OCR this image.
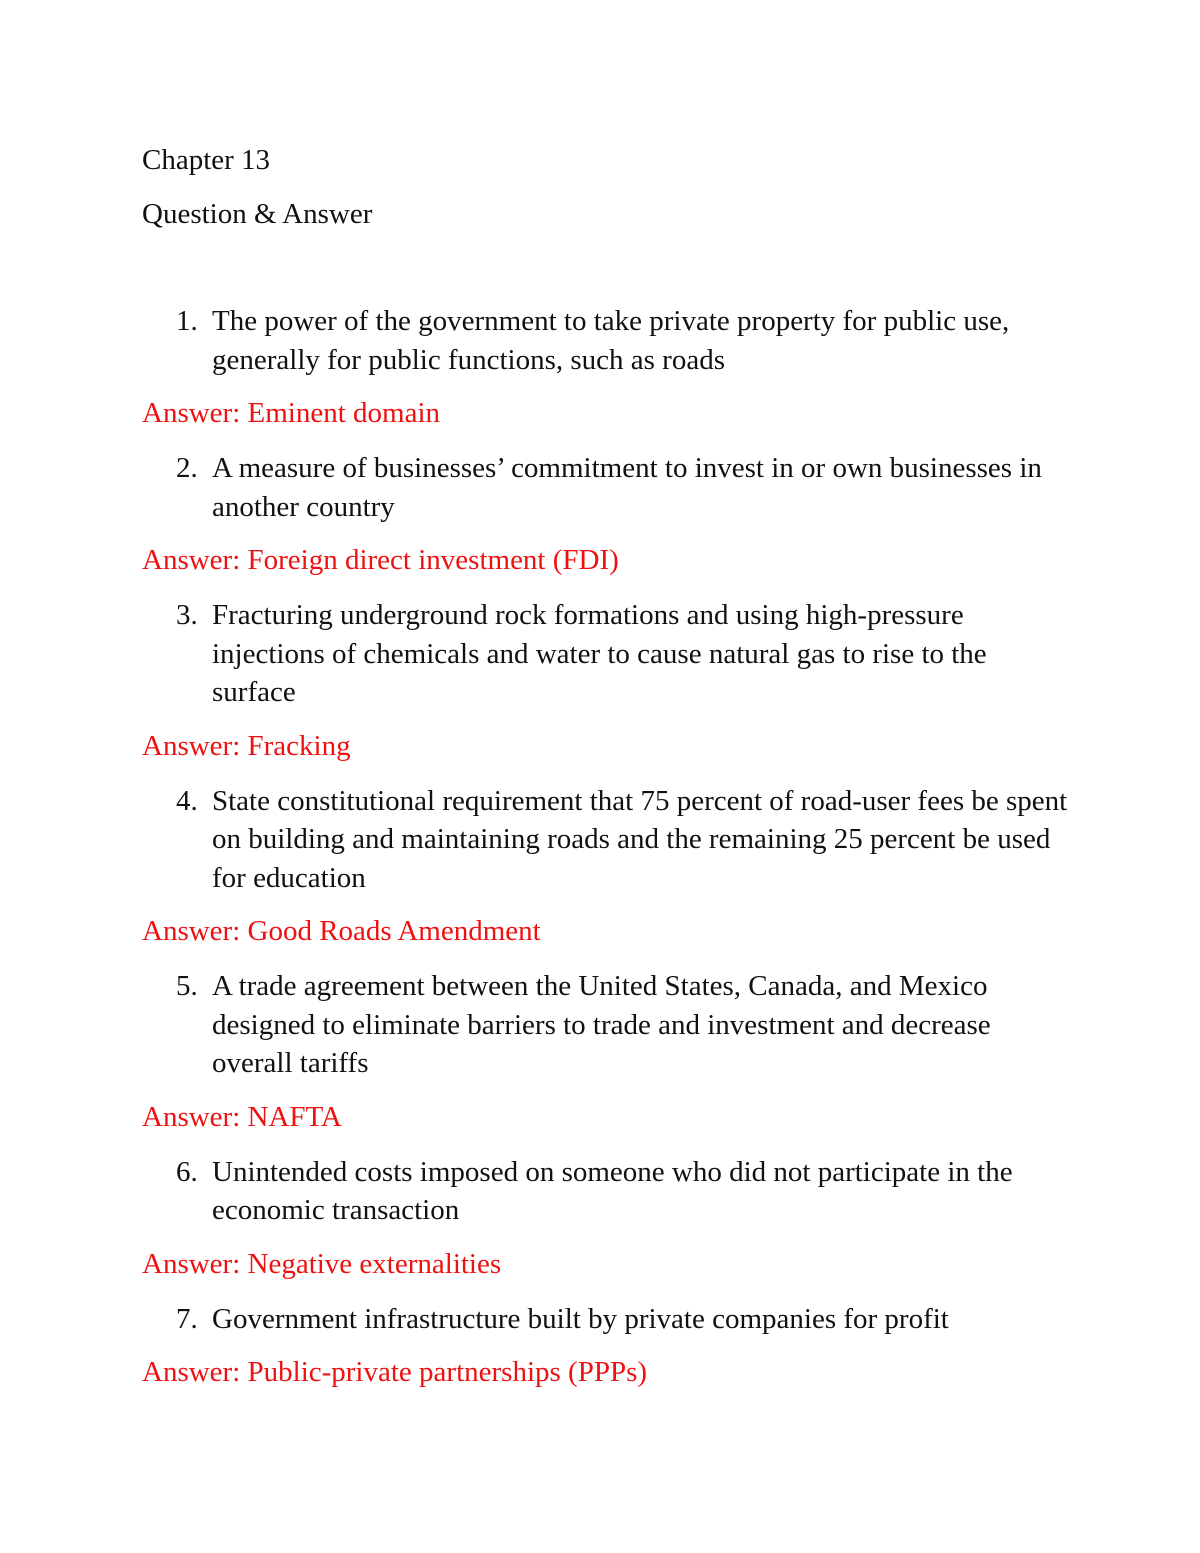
Chapter 13
Question & Answer
1. The power of the government to take private property for public use, generally for public functions, such as roads
Answer: Eminent domain
2. A measure of businesses’ commitment to invest in or own businesses in another country
Answer: Foreign direct investment (FDI)
3. Fracturing underground rock formations and using high-pressure injections of chemicals and water to cause natural gas to rise to the surface
Answer: Fracking
4. State constitutional requirement that 75 percent of road-user fees be spent on building and maintaining roads and the remaining 25 percent be used for education
Answer: Good Roads Amendment
5. A trade agreement between the United States, Canada, and Mexico designed to eliminate barriers to trade and investment and decrease overall tariffs
Answer: NAFTA
6. Unintended costs imposed on someone who did not participate in the economic transaction
Answer: Negative externalities
7. Government infrastructure built by private companies for profit
Answer: Public-private partnerships (PPPs)
